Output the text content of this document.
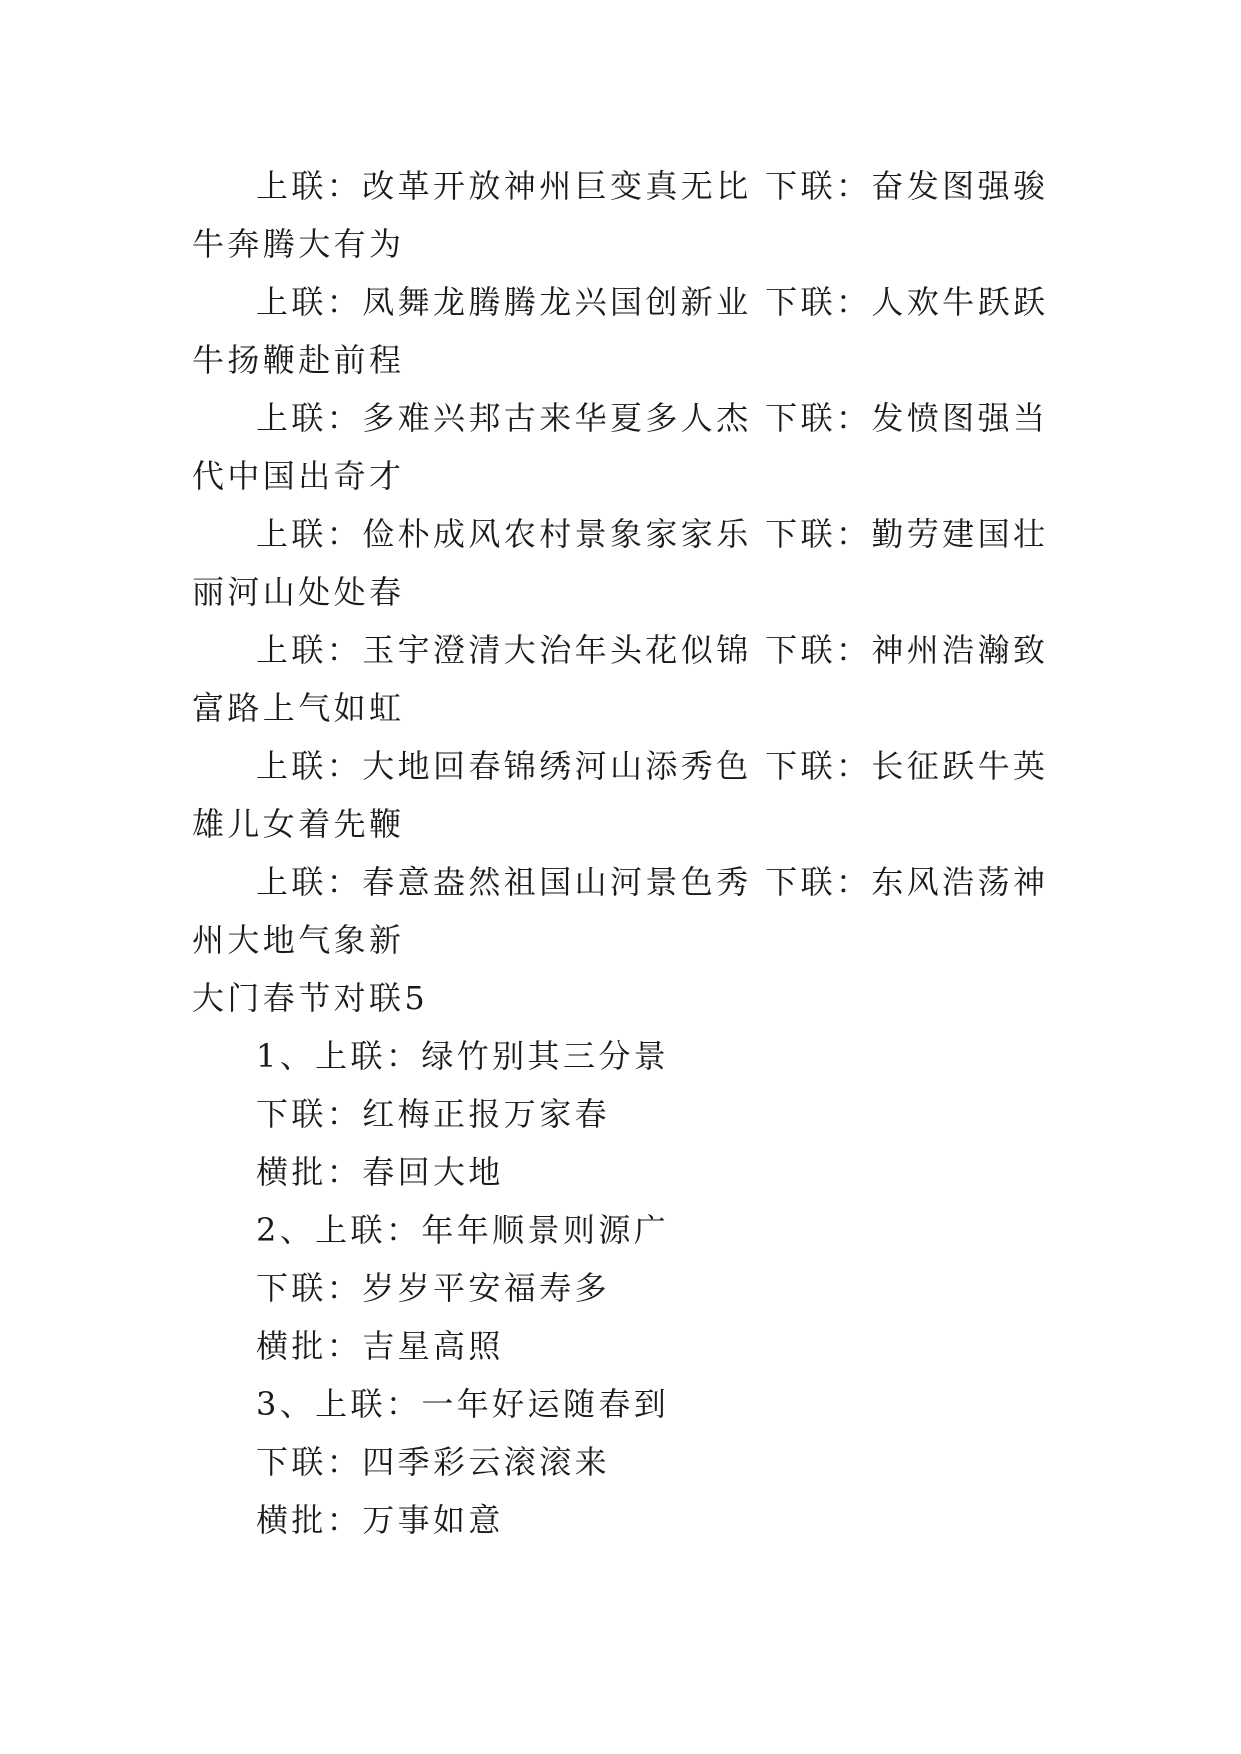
上联：改革开放神州巨变真无比 下联：奋发图强骏牛奔腾大有为

上联：凤舞龙腾腾龙兴国创新业 下联：人欢牛跃跃牛扬鞭赴前程

上联：多难兴邦古来华夏多人杰 下联：发愤图强当代中国出奇才

上联：俭朴成风农村景象家家乐 下联：勤劳建国壮丽河山处处春

上联：玉宇澄清大治年头花似锦 下联：神州浩瀚致富路上气如虹

上联：大地回春锦绣河山添秀色 下联：长征跃牛英雄儿女着先鞭

上联：春意盎然祖国山河景色秀 下联：东风浩荡神州大地气象新

大门春节对联5

1、上联：绿竹别其三分景

下联：红梅正报万家春

横批：春回大地

2、上联：年年顺景则源广

下联：岁岁平安福寿多

横批：吉星高照

3、上联：一年好运随春到

下联：四季彩云滚滚来

横批：万事如意
